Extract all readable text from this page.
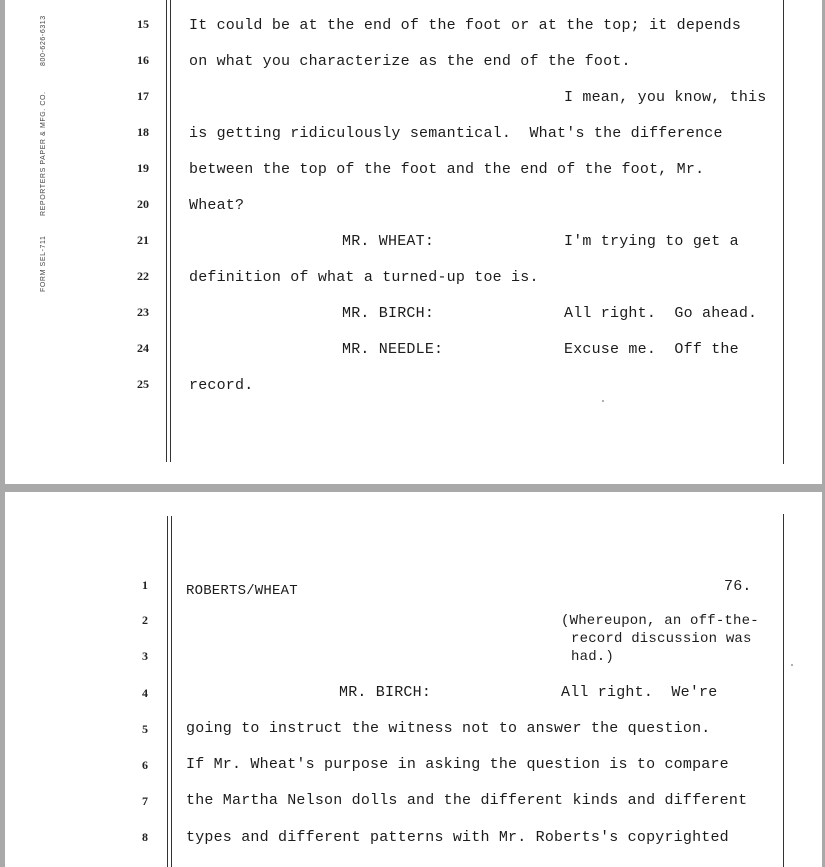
800-626-6313
REPORTERS PAPER & MFG. CO.
FORM SEL-711
15
16
17
18
19
20
21
22
23
24
25
It could be at the end of the foot or at the top; it depends
on what you characterize as the end of the foot.
I mean, you know, this
is getting ridiculously semantical.  What's the difference
between the top of the foot and the end of the foot, Mr.
Wheat?
MR. WHEAT:	I'm trying to get a
definition of what a turned-up toe is.
MR. BIRCH:	All right.  Go ahead.
MR. NEEDLE:	Excuse me.  Off the
record.
1
2
3
4
5
6
7
8
ROBERTS/WHEAT	76.
(Whereupon, an off-the-
record discussion was
had.)
MR. BIRCH:	All right.  We're
going to instruct the witness not to answer the question.
If Mr. Wheat's purpose in asking the question is to compare
the Martha Nelson dolls and the different kinds and different
types and different patterns with Mr. Roberts's copyrighted
